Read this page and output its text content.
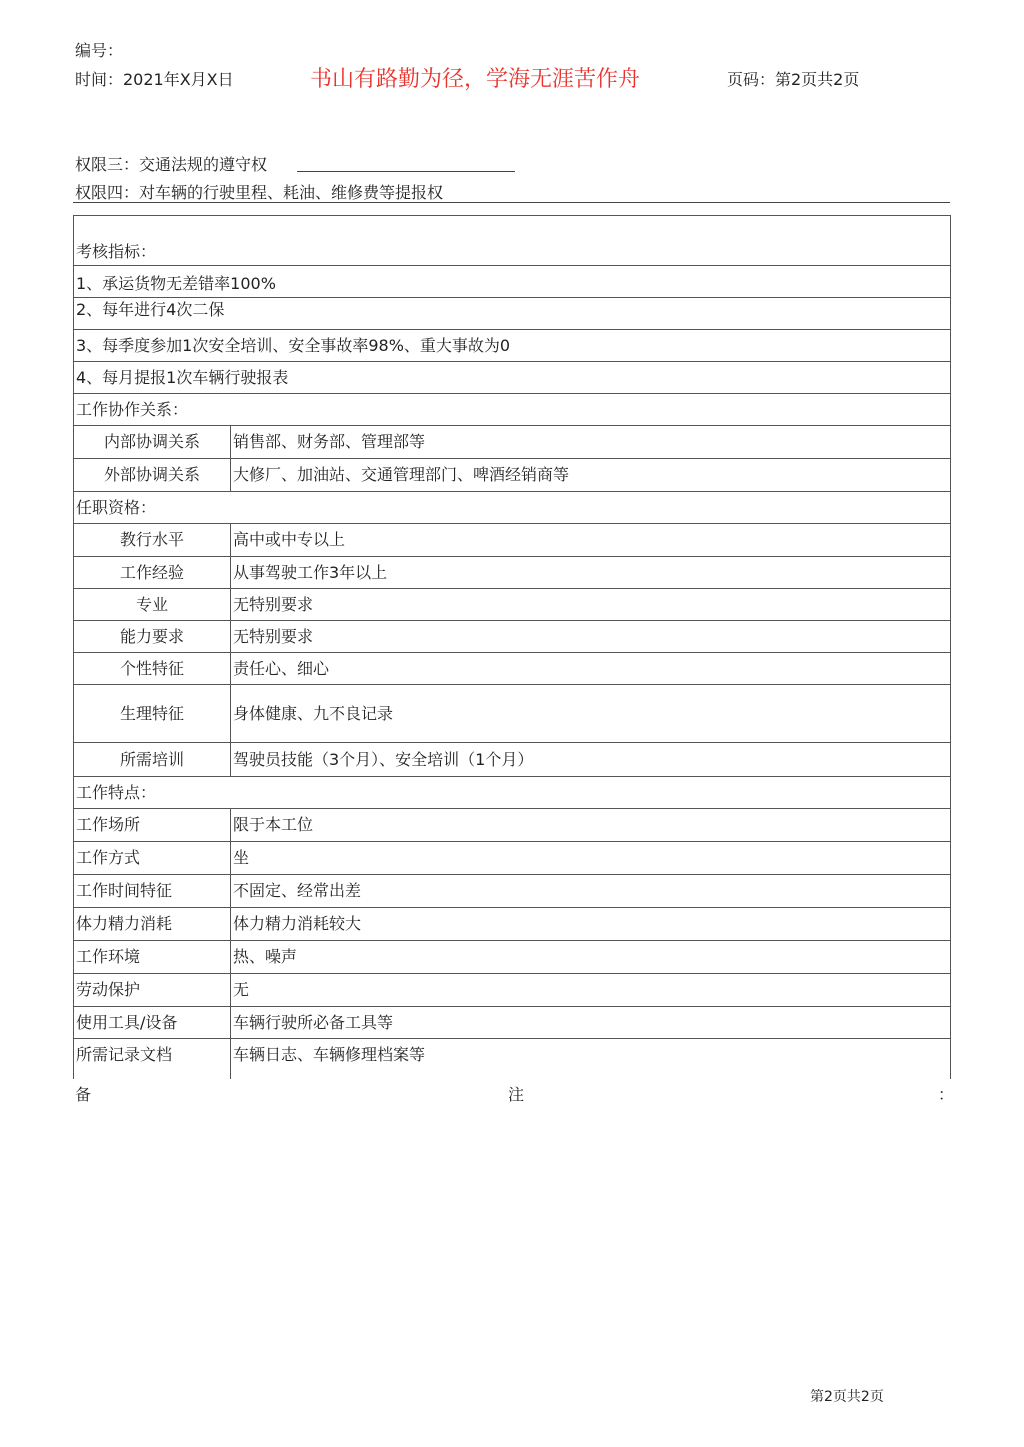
编号：
时间：2021年X月X日	书山有路勤为径，学海无涯苦作舟	页码：第2页共2页
权限三：交通法规的遵守权
权限四：对车辆的行驶里程、耗油、维修费等提报权
考核指标：	
1、承运货物无差错率100%	
2、每年进行4次二保	
3、每季度参加1次安全培训、安全事故率98%、重大事故为0	
4、每月提报1次车辆行驶报表	
工作协作关系：	
内部协调关系	销售部、财务部、管理部等
外部协调关系	大修厂、加油站、交通管理部门、啤酒经销商等
任职资格：	
教行水平	高中或中专以上
工作经验	从事驾驶工作3年以上
专业	无特别要求
能力要求	无特别要求
个性特征	责任心、细心
生理特征	身体健康、九不良记录
所需培训	驾驶员技能（3个月）、安全培训（1个月）
工作特点：	
工作场所	限于本工位
工作方式	坐
工作时间特征	不固定、经常出差
体力精力消耗	体力精力消耗较大
工作环境	热、噪声
劳动保护	无
使用工具/设备	车辆行驶所必备工具等
所需记录文档	车辆日志、车辆修理档案等
备	注	：
第2页共2页
